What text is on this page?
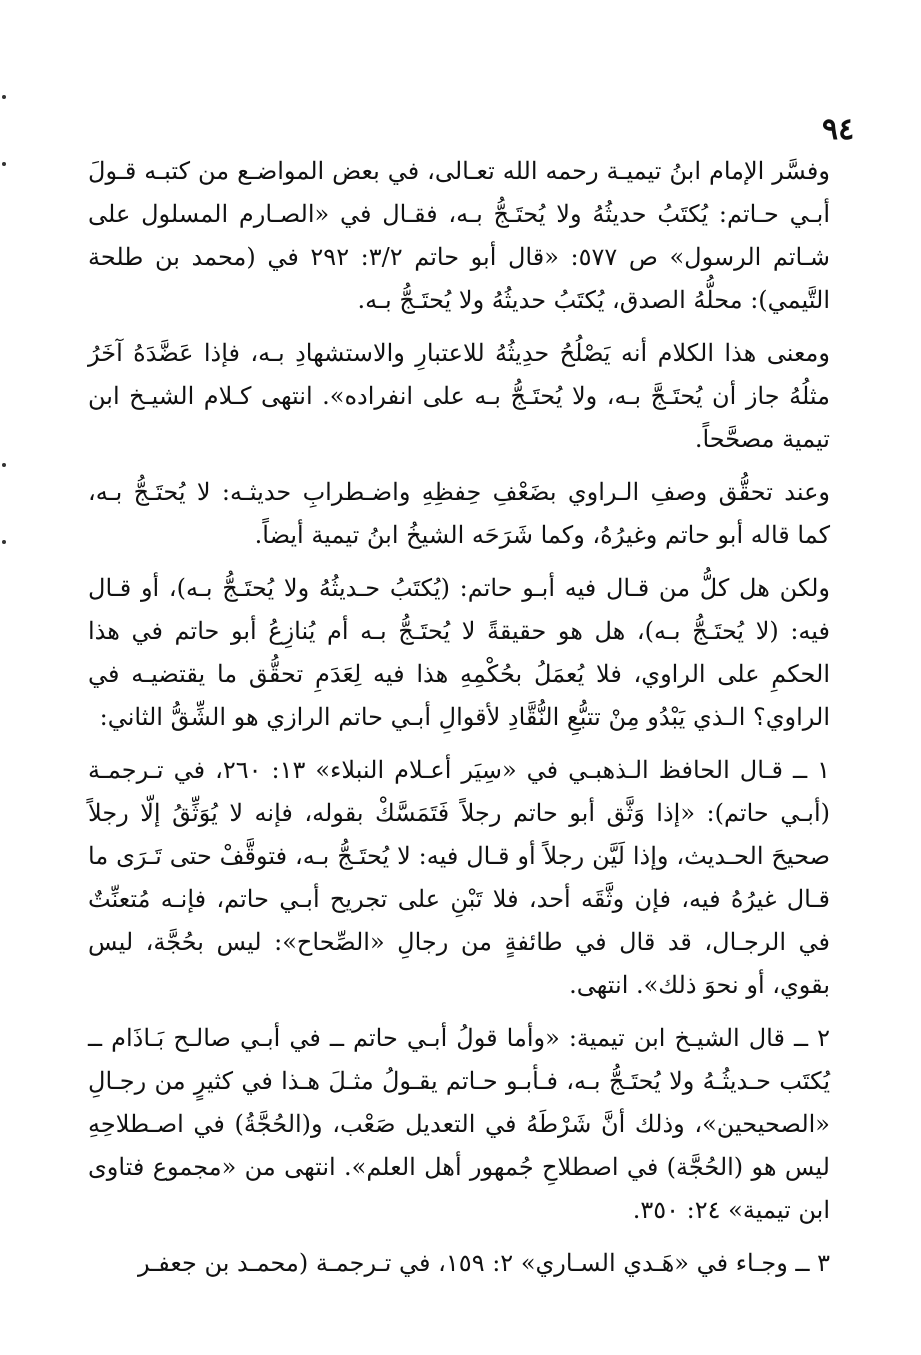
٩٤

وفسَّر الإمام ابنُ تيميـة رحمه الله تعـالى، في بعض المواضـع من كتبـه قـولَ أبـي حـاتم: يُكتَبُ حديثُهُ ولا يُحتَـجُّ بـه، فقـال في «الصـارم المسلول على شـاتم الرسول» ص ٥٧٧: «قال أبو حاتم ٣/٢: ٢٩٢ في (محمد بن طلحة التَّيمي): محلُّهُ الصدق، يُكتَبُ حديثُهُ ولا يُحتَـجُّ بـه.

ومعنى هذا الكلام أنه يَصْلُحُ حدِيثُهُ للاعتبارِ والاستشهادِ بـه، فإذا عَضَّدَهُ آخَرُ مثلُهُ جاز أن يُحتَـجَّ بـه، ولا يُحتَـجُّ بـه على انفراده». انتهى كـلام الشيـخ ابن تيمية مصحَّحاً.

وعند تحقُّق وصفِ الـراوي بضَعْفِ حِفظِهِ واضـطرابِ حديثـه: لا يُحتَـجُّ بـه، كما قاله أبو حاتم وغيرُهُ، وكما شَرَحَه الشيخُ ابنُ تيمية أيضاً.

ولكن هل كلُّ من قـال فيه أبـو حاتم: (يُكتَبُ حـديثُهُ ولا يُحتَـجُّ بـه)، أو قـال فيه: (لا يُحتَـجُّ بـه)، هل هو حقيقةً لا يُحتَـجُّ بـه أم يُنازِعُ أبو حاتم في هذا الحكمِ على الراوي، فلا يُعمَلُ بحُكْمِهِ هذا فيه لِعَدَمِ تحقُّق ما يقتضيـه في الراوي؟ الـذي يَبْدُو مِنْ تتبُّعِ النُّقَّادِ لأقوالِ أبـي حاتم الرازي هو الشِّقُّ الثاني:

١ ــ قـال الحافظ الـذهبـي في «سِيَر أعـلام النبلاء» ١٣: ٢٦٠، في تـرجمـة (أبـي حاتم): «إذا وَثَّق أبو حاتم رجلاً فَتَمَسَّكْ بقوله، فإنه لا يُوَثِّقُ إلّا رجلاً صحيحَ الحـديث، وإذا لَيَّن رجلاً أو قـال فيه: لا يُحتَـجُّ بـه، فتوقَّفْ حتى تَـرَى ما قـال غيرُهُ فيه، فإن وثَّقَه أحد، فلا تَبْنِ على تجريح أبـي حاتم، فإنـه مُتعنِّتٌ في الرجـال، قد قال في طائفةٍ من رجالِ «الصِّحاح»: ليس بحُجَّة، ليس بقوي، أو نحوَ ذلك». انتهى.

٢ ــ قال الشيـخ ابن تيمية: «وأما قولُ أبـي حاتم ــ في أبـي صالـح بَـاذَام ــ يُكتَب حـديثُـهُ ولا يُحتَـجُّ بـه، فـأبـو حـاتم يقـولُ مثـلَ هـذا في كثيرٍ من رجـالِ «الصحيحين»، وذلك أنَّ شَرْطَهُ في التعديل صَعْب، و(الحُجَّةُ) في اصـطلاحِهِ ليس هو (الحُجَّة) في اصطلاحِ جُمهور أهل العلم». انتهى من «مجموع فتاوى ابن تيمية» ٢٤: ٣٥٠.

٣ ــ وجـاء في «هَـدي السـاري» ٢: ١٥٩، في تـرجمـة (محمـد بن جعفـر
